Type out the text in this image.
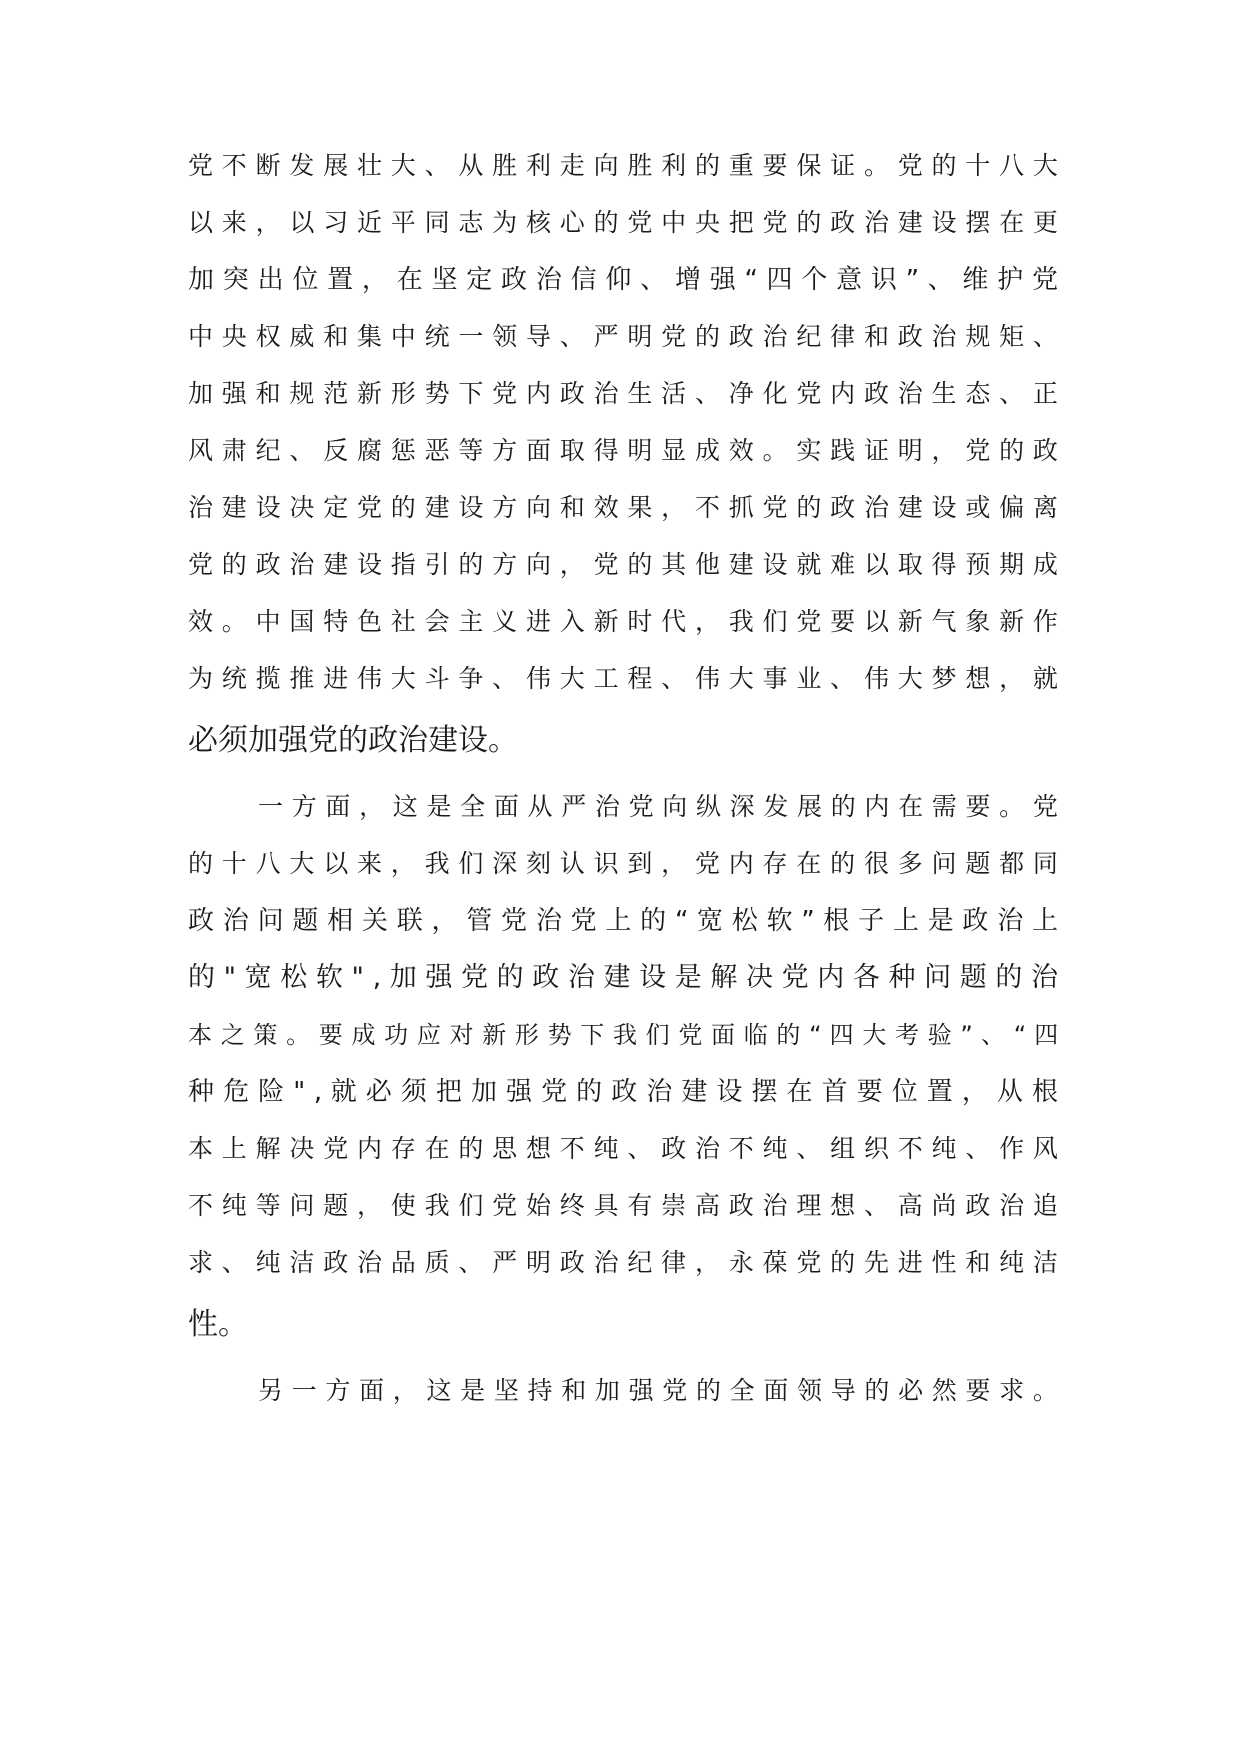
党 不 断 发 展 壮 大 、 从 胜 利 走 向 胜 利 的 重 要 保 证 。 党 的 十 八 大
以 来 ， 以 习 近 平 同 志 为 核 心 的 党 中 央 把 党 的 政 治 建 设 摆 在 更
加 突 出 位 置 ， 在 坚 定 政 治 信 仰 、 增 强 “ 四 个 意 识 ” 、 维 护 党
中 央 权 威 和 集 中 统 一 领 导 、 严 明 党 的 政 治 纪 律 和 政 治 规 矩 、
加 强 和 规 范 新 形 势 下 党 内 政 治 生 活 、 净 化 党 内 政 治 生 态 、 正
风 肃 纪 、 反 腐 惩 恶 等 方 面 取 得 明 显 成 效 。 实 践 证 明 ， 党 的 政
治 建 设 决 定 党 的 建 设 方 向 和 效 果 ， 不 抓 党 的 政 治 建 设 或 偏 离
党 的 政 治 建 设 指 引 的 方 向 ， 党 的 其 他 建 设 就 难 以 取 得 预 期 成
效 。 中 国 特 色 社 会 主 义 进 入 新 时 代 ， 我 们 党 要 以 新 气 象 新 作
为 统 揽 推 进 伟 大 斗 争 、 伟 大 工 程 、 伟 大 事 业 、 伟 大 梦 想 ， 就
必须加强党的政治建设。
一 方 面 ， 这 是 全 面 从 严 治 党 向 纵 深 发 展 的 内 在 需 要 。 党
的 十 八 大 以 来 ， 我 们 深 刻 认 识 到 ， 党 内 存 在 的 很 多 问 题 都 同
政 治 问 题 相 关 联 ， 管 党 治 党 上 的 “ 宽 松 软 ” 根 子 上 是 政 治 上
的 " 宽 松 软 " , 加 强 党 的 政 治 建 设 是 解 决 党 内 各 种 问 题 的 治
本 之 策 。 要 成 功 应 对 新 形 势 下 我 们 党 面 临 的 “ 四 大 考 验 ” 、 “ 四
种 危 险 " , 就 必 须 把 加 强 党 的 政 治 建 设 摆 在 首 要 位 置 ， 从 根
本 上 解 决 党 内 存 在 的 思 想 不 纯 、 政 治 不 纯 、 组 织 不 纯 、 作 风
不 纯 等 问 题 ， 使 我 们 党 始 终 具 有 崇 高 政 治 理 想 、 高 尚 政 治 追
求 、 纯 洁 政 治 品 质 、 严 明 政 治 纪 律 ， 永 葆 党 的 先 进 性 和 纯 洁
性。
另 一 方 面 ， 这 是 坚 持 和 加 强 党 的 全 面 领 导 的 必 然 要 求 。
